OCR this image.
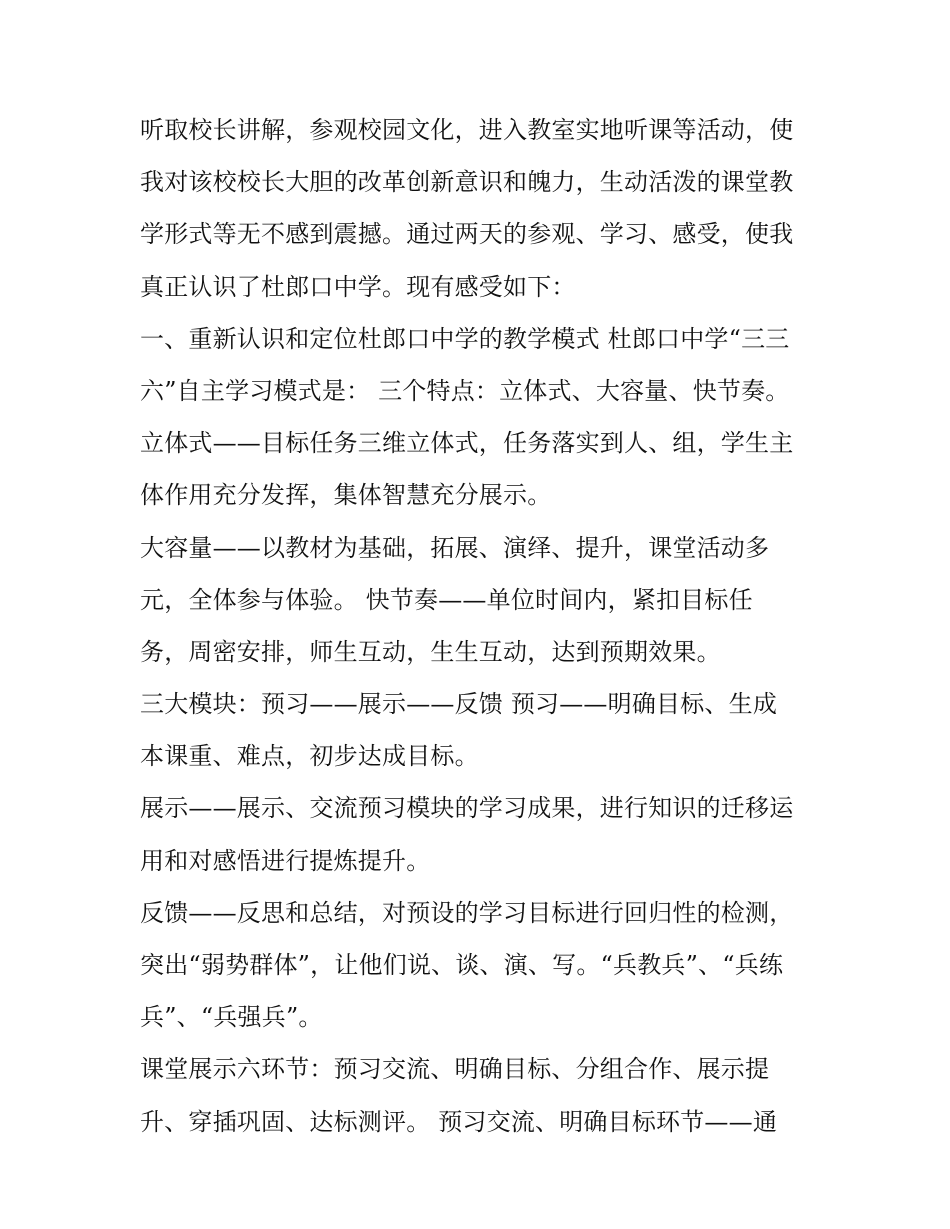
听取校长讲解，参观校园文化，进入教室实地听课等活动，使
我对该校校长大胆的改革创新意识和魄力，生动活泼的课堂教
学形式等无不感到震撼。通过两天的参观、学习、感受，使我
真正认识了杜郎口中学。现有感受如下：
一、重新认识和定位杜郎口中学的教学模式 杜郎口中学“三三
六”自主学习模式是： 三个特点：立体式、大容量、快节奏。
立体式——目标任务三维立体式，任务落实到人、组，学生主
体作用充分发挥，集体智慧充分展示。
大容量——以教材为基础，拓展、演绎、提升，课堂活动多
元，全体参与体验。 快节奏——单位时间内，紧扣目标任
务，周密安排，师生互动，生生互动，达到预期效果。
三大模块：预习——展示——反馈 预习——明确目标、生成
本课重、难点，初步达成目标。
展示——展示、交流预习模块的学习成果，进行知识的迁移运
用和对感悟进行提炼提升。
反馈——反思和总结，对预设的学习目标进行回归性的检测，
突出“弱势群体”，让他们说、谈、演、写。“兵教兵”、“兵练
兵”、“兵强兵”。
课堂展示六环节：预习交流、明确目标、分组合作、展示提
升、穿插巩固、达标测评。 预习交流、明确目标环节——通
